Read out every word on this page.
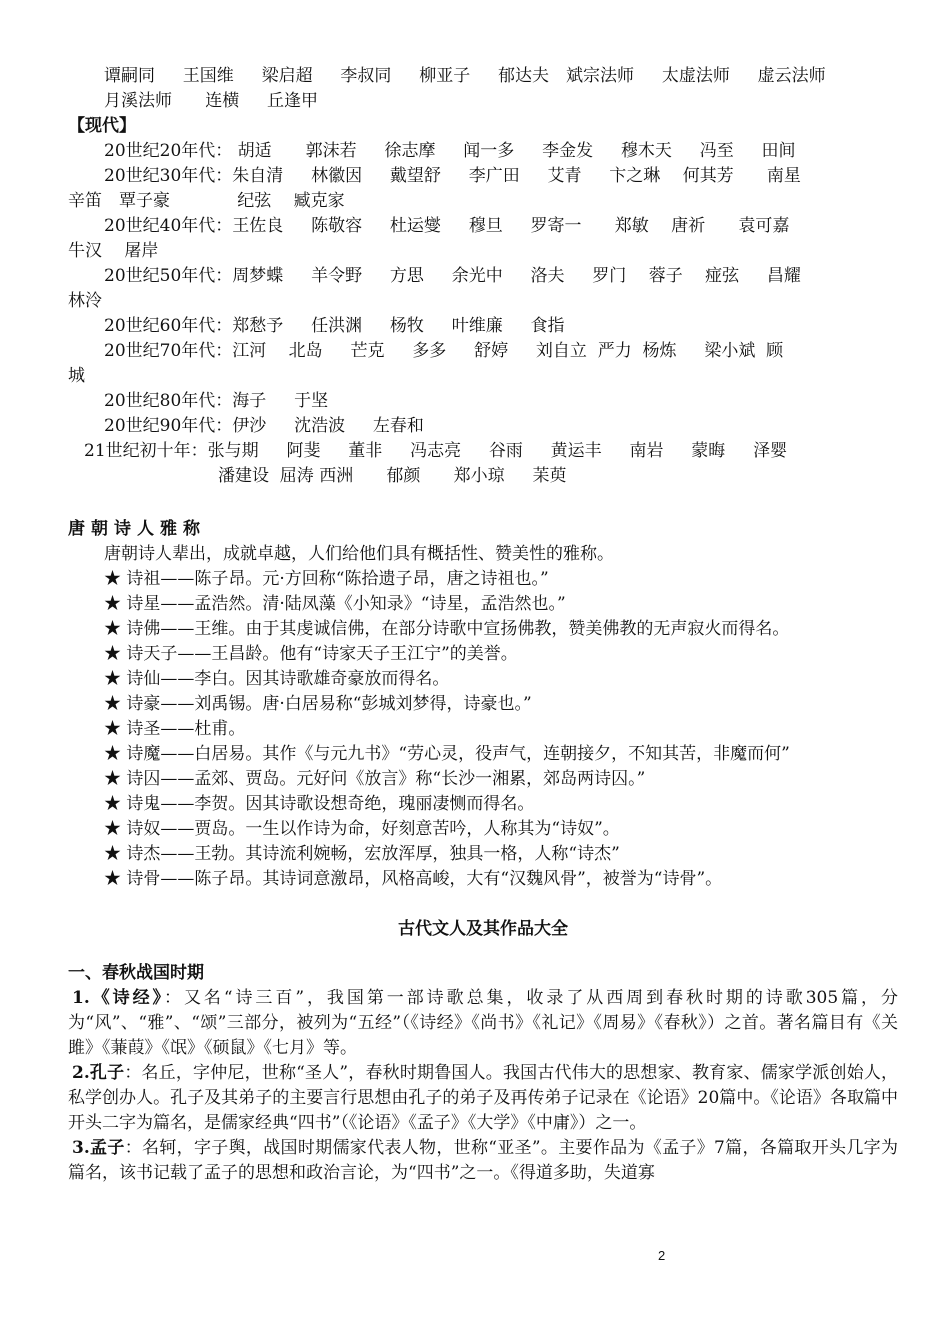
谭嗣同　  王国维　  梁启超　  李叔同　  柳亚子　  郁达夫　斌宗法师　  太虚法师　  虚云法师
月溪法师　   连横　  丘逢甲
【现代】
20世纪20年代： 胡适　　郭沫若　  徐志摩　  闻一多　  李金发　  穆木天　  冯至　  田间
20世纪30年代：朱自清　  林徽因　  戴望舒　  李广田　  艾青　  卞之琳　 何其芳　   南星
辛笛　覃子豪　　　   纪弦　 臧克家
20世纪40年代：王佐良　  陈敬容　  杜运燮　  穆旦　  罗寄一　   郑敏　 唐祈　   袁可嘉
牛汉　 屠岸
20世纪50年代：周梦蝶　  羊令野　  方思　  余光中　  洛夫　  罗门　 蓉子　 痖弦　  昌耀
林泠
20世纪60年代：郑愁予　  任洪渊　  杨牧　  叶维廉　  食指
20世纪70年代：江河　 北岛　  芒克　  多多　  舒婷　  刘自立  严力  杨炼　  梁小斌  顾
城
20世纪80年代：海子　  于坚
20世纪90年代：伊沙　  沈浩波　  左春和
21世纪初十年：张与期　  阿斐　  董非　  冯志亮　  谷雨　  黄运丰　  南岩　  蒙晦　  泽婴
潘建设  屈涛 西洲　   郁颜　   郑小琼　  苿萸
唐朝诗人雅称
唐朝诗人辈出，成就卓越，人们给他们具有概括性、赞美性的雅称。
★ 诗祖——陈子昂。元·方回称“陈拾遗子昂，唐之诗祖也。”
★ 诗星——孟浩然。清·陆凤藻《小知录》“诗星，孟浩然也。”
★ 诗佛——王维。由于其虔诚信佛，在部分诗歌中宣扬佛教，赞美佛教的无声寂火而得名。
★ 诗天子——王昌龄。他有“诗家天子王江宁”的美誉。
★ 诗仙——李白。因其诗歌雄奇豪放而得名。
★ 诗豪——刘禹锡。唐·白居易称“彭城刘梦得，诗豪也。”
★ 诗圣——杜甫。
★ 诗魔——白居易。其作《与元九书》“劳心灵，役声气，连朝接夕，不知其苦，非魔而何”
★ 诗囚——孟郊、贾岛。元好问《放言》称“长沙一湘累，郊岛两诗囚。”
★ 诗鬼——李贺。因其诗歌设想奇绝，瑰丽凄恻而得名。
★ 诗奴——贾岛。一生以作诗为命，好刻意苦吟，人称其为“诗奴”。
★ 诗杰——王勃。其诗流利婉畅，宏放浑厚，独具一格，人称“诗杰”
★ 诗骨——陈子昂。其诗词意激昂，风格高峻，大有“汉魏风骨”，被誉为“诗骨”。
古代文人及其作品大全
一、春秋战国时期
1.《诗经》：又名“诗三百”，我国第一部诗歌总集，收录了从西周到春秋时期的诗歌305篇，分为“风”、“雅”、“颂”三部分，被列为“五经”（《诗经》《尚书》《礼记》《周易》《春秋》）之首。著名篇目有《关雎》《蒹葭》《氓》《硕鼠》《七月》等。
2.孔子：名丘，字仲尼，世称“圣人”，春秋时期鲁国人。我国古代伟大的思想家、教育家、儒家学派创始人，私学创办人。孔子及其弟子的主要言行思想由孔子的弟子及再传弟子记录在《论语》20篇中。《论语》各取篇中开头二字为篇名，是儒家经典“四书”（《论语》《孟子》《大学》《中庸》）之一。
3.孟子：名轲，字子舆，战国时期儒家代表人物，世称“亚圣”。主要作品为《孟子》7篇，各篇取开头几字为篇名，该书记载了孟子的思想和政治言论，为“四书”之一。《得道多助，失道寡
2
